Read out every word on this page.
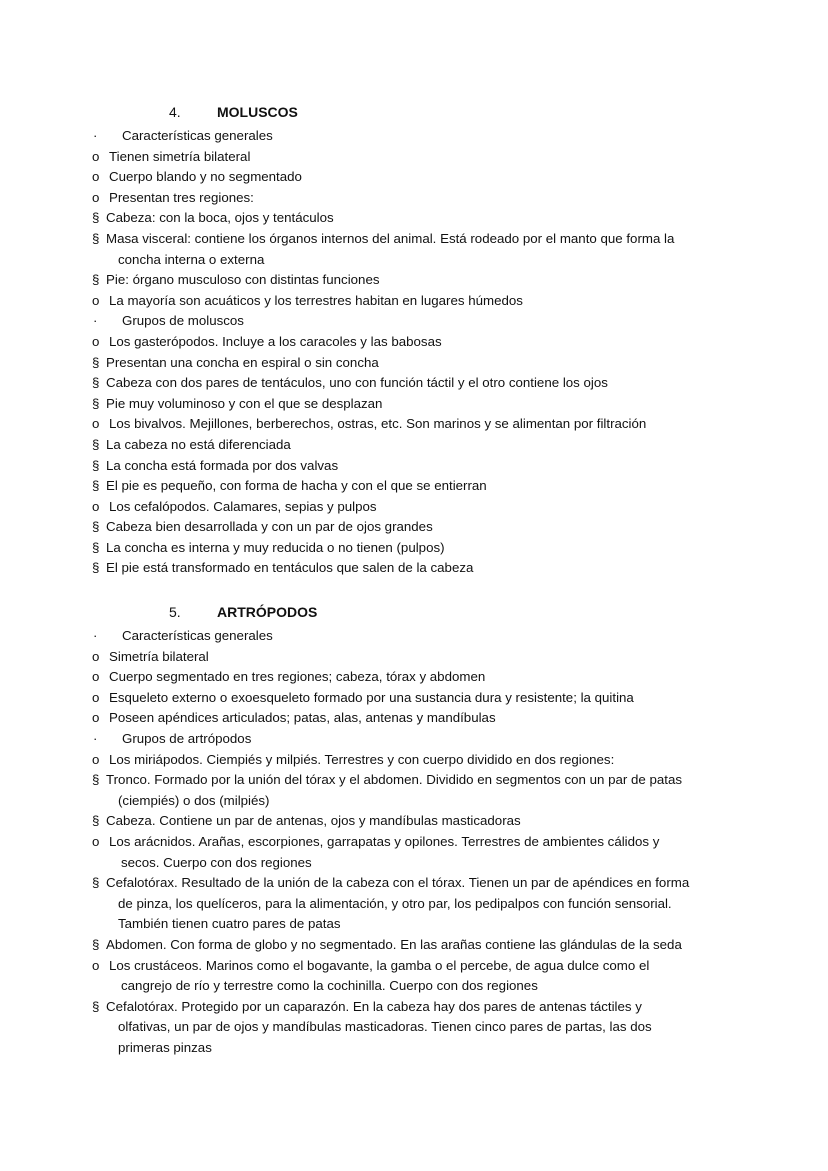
4.	MOLUSCOS
· Características generales
o Tienen simetría bilateral
o Cuerpo blando y no segmentado
o Presentan tres regiones:
§ Cabeza: con la boca, ojos y tentáculos
§ Masa visceral: contiene los órganos internos del animal. Está rodeado por el manto que forma la
concha interna o externa
§ Pie: órgano musculoso con distintas funciones
o La mayoría son acuáticos y los terrestres habitan en lugares húmedos
· Grupos de moluscos
o Los gasterópodos. Incluye a los caracoles y las babosas
§ Presentan una concha en espiral o sin concha
§ Cabeza con dos pares de tentáculos, uno con función táctil y el otro contiene los ojos
§ Pie muy voluminoso y con el que se desplazan
o Los bivalvos. Mejillones, berberechos, ostras, etc. Son marinos y se alimentan por filtración
§ La cabeza no está diferenciada
§ La concha está formada por dos valvas
§ El pie es pequeño, con forma de hacha y con el que se entierran
o Los cefalópodos. Calamares, sepias y pulpos
§ Cabeza bien desarrollada y con un par de ojos grandes
§ La concha es interna y muy reducida o no tienen (pulpos)
§ El pie está transformado en tentáculos que salen de la cabeza
5.	ARTRÓPODOS
· Características generales
o Simetría bilateral
o Cuerpo segmentado en tres regiones; cabeza, tórax y abdomen
o Esqueleto externo o exoesqueleto formado por una sustancia dura y resistente; la quitina
o Poseen apéndices articulados; patas, alas, antenas y mandíbulas
· Grupos de artrópodos
o Los miriápodos. Ciempiés y milpiés. Terrestres y con cuerpo dividido en dos regiones:
§ Tronco. Formado por la unión del tórax y el abdomen. Dividido en segmentos con un par de patas
(ciempiés) o dos (milpiés)
§ Cabeza. Contiene un par de antenas, ojos y mandíbulas masticadoras
o Los arácnidos. Arañas, escorpiones, garrapatas y opilones. Terrestres de ambientes cálidos y
secos. Cuerpo con dos regiones
§ Cefalotórax. Resultado de la unión de la cabeza con el tórax. Tienen un par de apéndices en forma
de pinza, los quelíceros, para la alimentación, y otro par, los pedipalpos con función sensorial.
También tienen cuatro pares de patas
§ Abdomen. Con forma de globo y no segmentado. En las arañas contiene las glándulas de la seda
o Los crustáceos. Marinos como el bogavante, la gamba o el percebe, de agua dulce como el
cangrejo de río y terrestre como la cochinilla. Cuerpo con dos regiones
§ Cefalotórax. Protegido por un caparazón. En la cabeza hay dos pares de antenas táctiles y
olfativas, un par de ojos y mandíbulas masticadoras. Tienen cinco pares de partas, las dos
primeras pinzas
